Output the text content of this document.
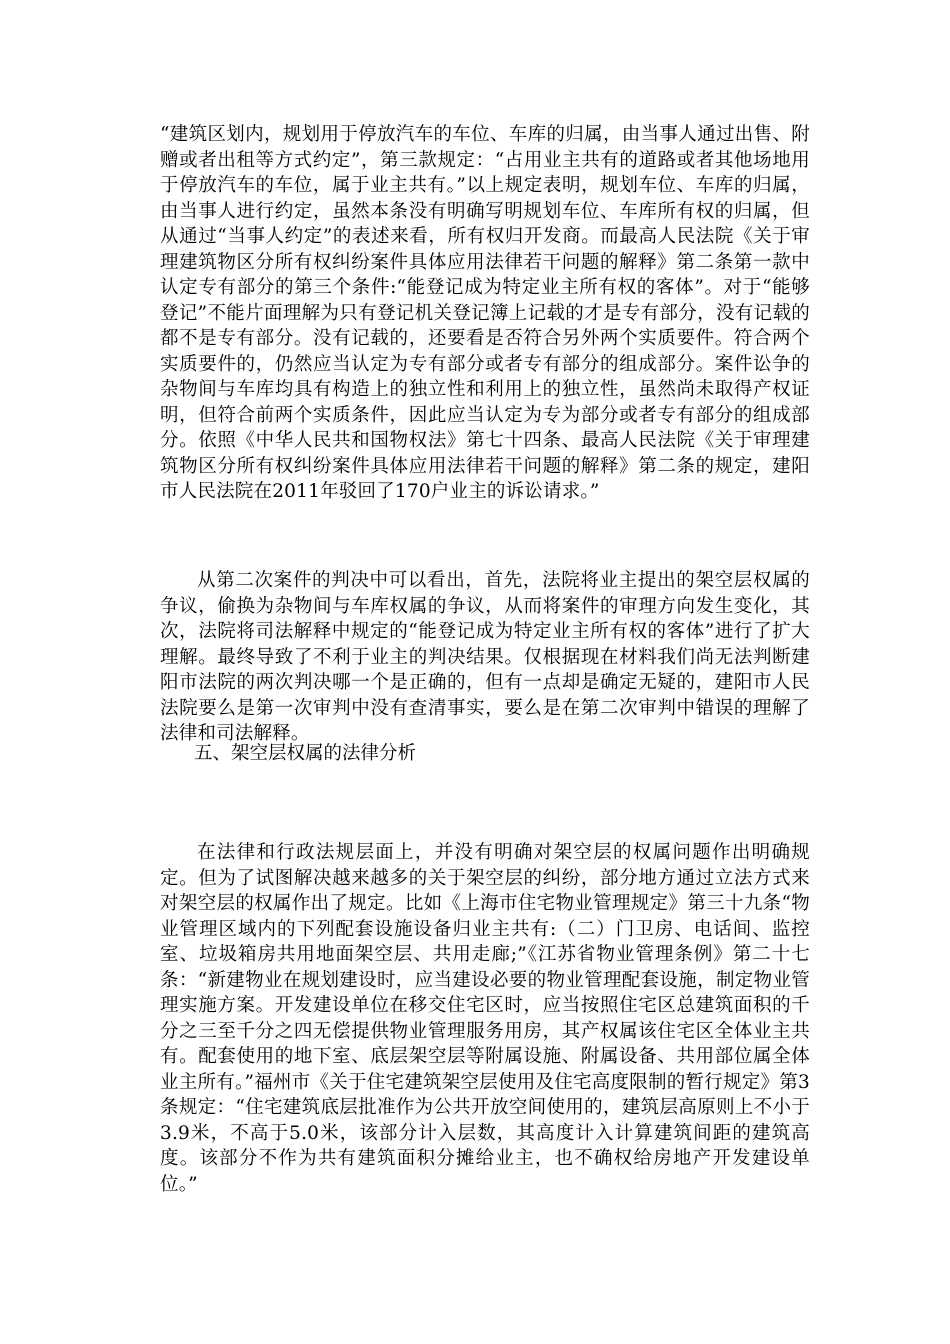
“建筑区划内，规划用于停放汽车的车位、车库的归属，由当事人通过出售、附赠或者出租等方式约定”，第三款规定：“占用业主共有的道路或者其他场地用于停放汽车的车位，属于业主共有。”以上规定表明，规划车位、车库的归属，由当事人进行约定，虽然本条没有明确写明规划车位、车库所有权的归属，但从通过“当事人约定”的表述来看，所有权归开发商。而最高人民法院《关于审理建筑物区分所有权纠纷案件具体应用法律若干问题的解释》第二条第一款中认定专有部分的第三个条件:“能登记成为特定业主所有权的客体”。对于“能够登记”不能片面理解为只有登记机关登记簿上记载的才是专有部分，没有记载的都不是专有部分。没有记载的，还要看是否符合另外两个实质要件。符合两个实质要件的，仍然应当认定为专有部分或者专有部分的组成部分。案件讼争的杂物间与车库均具有构造上的独立性和利用上的独立性，虽然尚未取得产权证明，但符合前两个实质条件，因此应当认定为专为部分或者专有部分的组成部分。依照《中华人民共和国物权法》第七十四条、最高人民法院《关于审理建筑物区分所有权纠纷案件具体应用法律若干问题的解释》第二条的规定，建阳市人民法院在2011年驳回了170户业主的诉讼请求。”

从第二次案件的判决中可以看出，首先，法院将业主提出的架空层权属的争议，偷换为杂物间与车库权属的争议，从而将案件的审理方向发生变化，其次，法院将司法解释中规定的“能登记成为特定业主所有权的客体”进行了扩大理解。最终导致了不利于业主的判决结果。仅根据现在材料我们尚无法判断建阳市法院的两次判决哪一个是正确的，但有一点却是确定无疑的，建阳市人民法院要么是第一次审判中没有查清事实，要么是在第二次审判中错误的理解了法律和司法解释。

五、架空层权属的法律分析

在法律和行政法规层面上，并没有明确对架空层的权属问题作出明确规定。但为了试图解决越来越多的关于架空层的纠纷，部分地方通过立法方式来对架空层的权属作出了规定。比如《上海市住宅物业管理规定》第三十九条“物业管理区域内的下列配套设施设备归业主共有:（二）门卫房、电话间、监控室、垃圾箱房共用地面架空层、共用走廊;”《江苏省物业管理条例》第二十七条：“新建物业在规划建设时，应当建设必要的物业管理配套设施，制定物业管理实施方案。开发建设单位在移交住宅区时，应当按照住宅区总建筑面积的千分之三至千分之四无偿提供物业管理服务用房，其产权属该住宅区全体业主共有。配套使用的地下室、底层架空层等附属设施、附属设备、共用部位属全体业主所有。”福州市《关于住宅建筑架空层使用及住宅高度限制的暂行规定》第3条规定：“住宅建筑底层批准作为公共开放空间使用的，建筑层高原则上不小于3.9米，不高于5.0米，该部分计入层数，其高度计入计算建筑间距的建筑高度。该部分不作为共有建筑面积分摊给业主，也不确权给房地产开发建设单位。”
